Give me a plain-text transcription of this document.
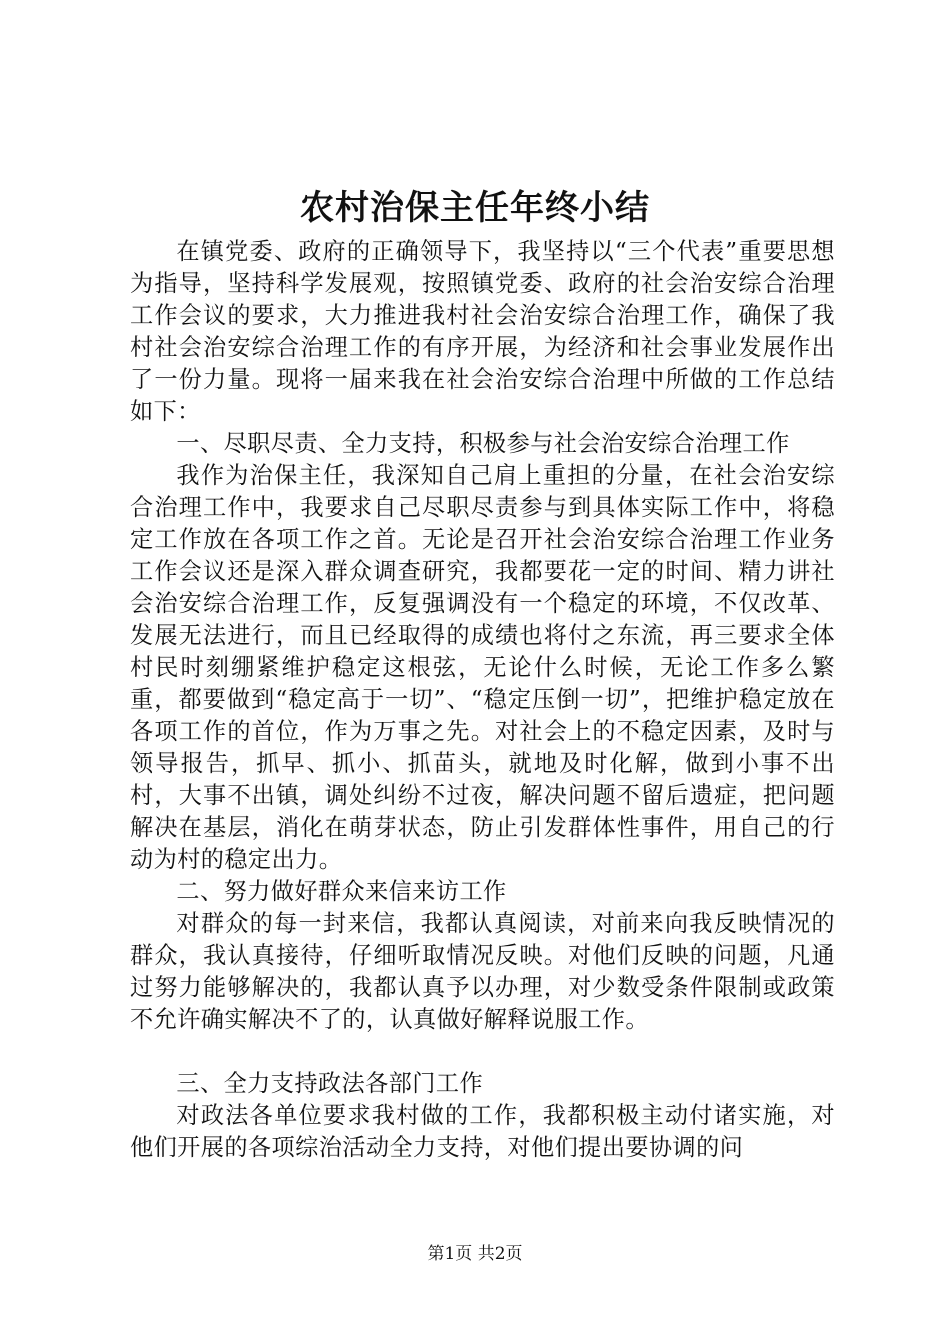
农村治保主任年终小结

在镇党委、政府的正确领导下，我坚持以“三个代表”重要思想为指导，坚持科学发展观，按照镇党委、政府的社会治安综合治理工作会议的要求，大力推进我村社会治安综合治理工作，确保了我村社会治安综合治理工作的有序开展，为经济和社会事业发展作出了一份力量。现将一届来我在社会治安综合治理中所做的工作总结如下：

一、尽职尽责、全力支持，积极参与社会治安综合治理工作

我作为治保主任，我深知自己肩上重担的分量，在社会治安综合治理工作中，我要求自己尽职尽责参与到具体实际工作中，将稳定工作放在各项工作之首。无论是召开社会治安综合治理工作业务工作会议还是深入群众调查研究，我都要花一定的时间、精力讲社会治安综合治理工作，反复强调没有一个稳定的环境，不仅改革、发展无法进行，而且已经取得的成绩也将付之东流，再三要求全体村民时刻绷紧维护稳定这根弦，无论什么时候，无论工作多么繁重，都要做到“稳定高于一切”、“稳定压倒一切”，把维护稳定放在各项工作的首位，作为万事之先。对社会上的不稳定因素，及时与领导报告，抓早、抓小、抓苗头，就地及时化解，做到小事不出村，大事不出镇，调处纠纷不过夜，解决问题不留后遗症，把问题解决在基层，消化在萌芽状态，防止引发群体性事件，用自己的行动为村的稳定出力。

二、努力做好群众来信来访工作

对群众的每一封来信，我都认真阅读，对前来向我反映情况的群众，我认真接待，仔细听取情况反映。对他们反映的问题，凡通过努力能够解决的，我都认真予以办理，对少数受条件限制或政策不允许确实解决不了的，认真做好解释说服工作。

三、全力支持政法各部门工作

对政法各单位要求我村做的工作，我都积极主动付诸实施，对他们开展的各项综治活动全力支持，对他们提出要协调的问

第1页 共2页
